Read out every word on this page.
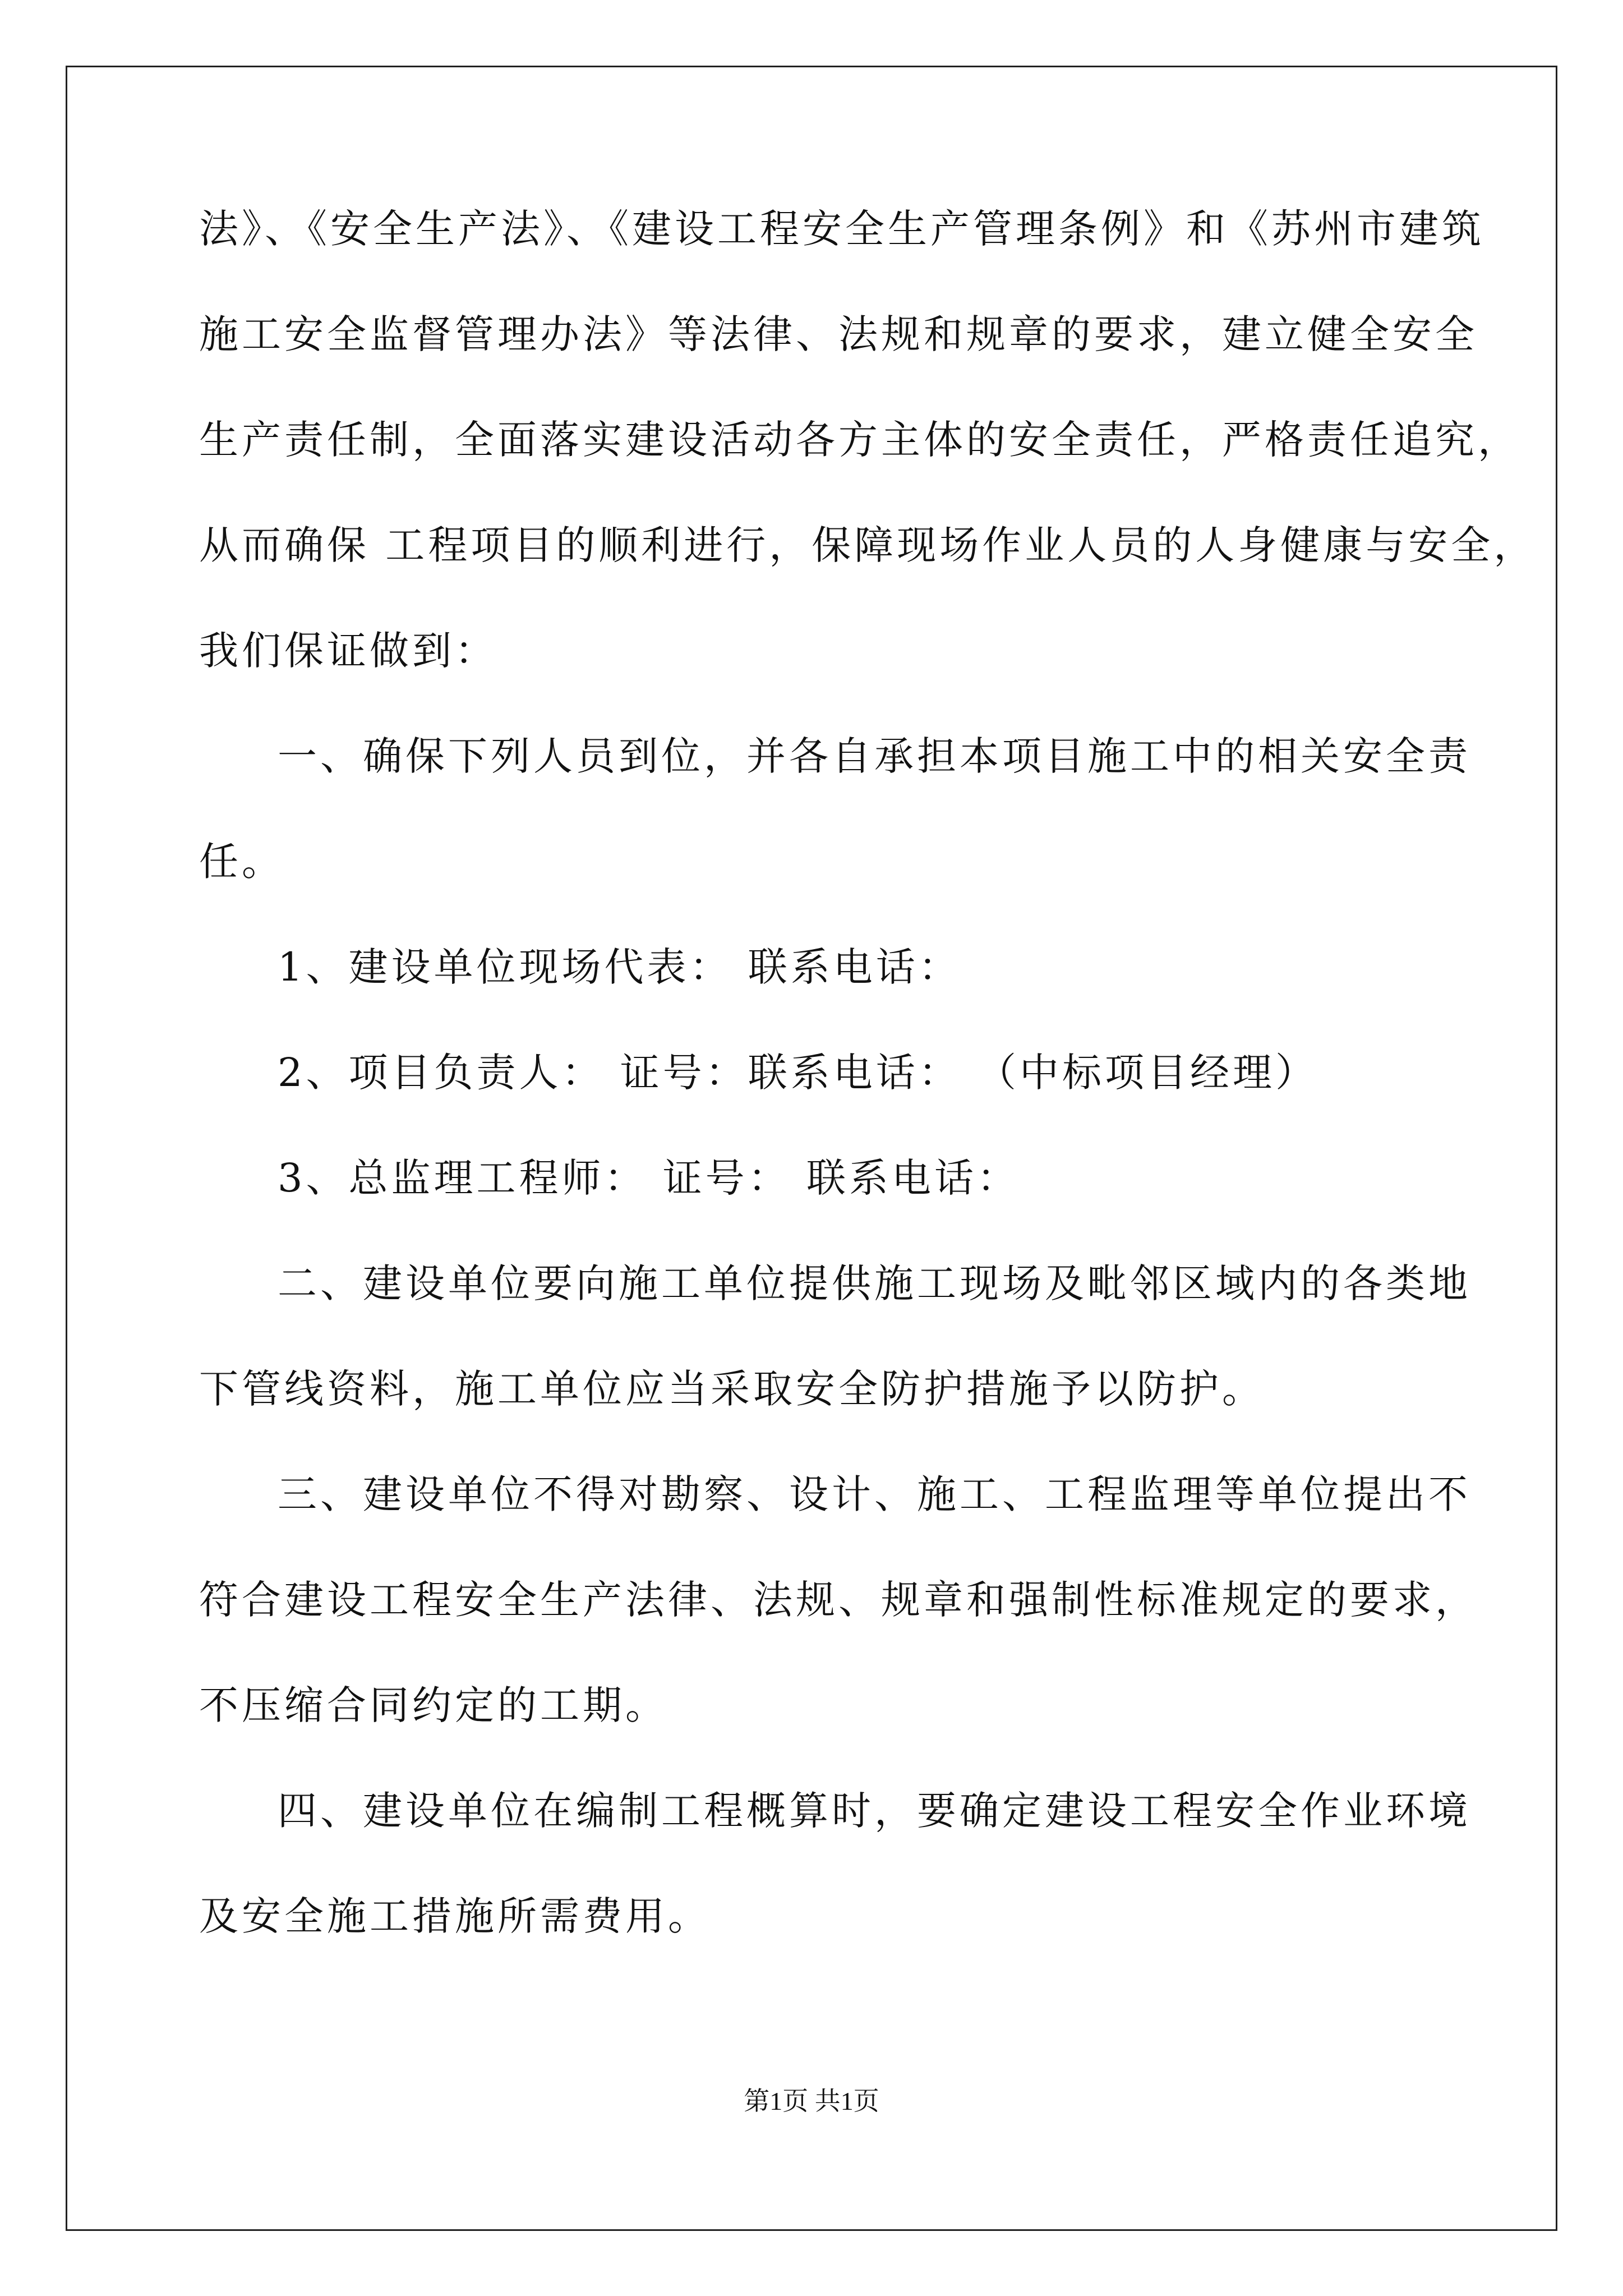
法》、《安全生产法》、《建设工程安全生产管理条例》和《苏州市建筑
施工安全监督管理办法》等法律、法规和规章的要求，建立健全安全
生产责任制，全面落实建设活动各方主体的安全责任，严格责任追究，
从而确保 工程项目的顺利进行，保障现场作业人员的人身健康与安全，
我们保证做到：
一、确保下列人员到位，并各自承担本项目施工中的相关安全责
任。
1、建设单位现场代表： 联系电话：
2、项目负责人： 证号：联系电话： （中标项目经理）
3、总监理工程师： 证号： 联系电话：
二、建设单位要向施工单位提供施工现场及毗邻区域内的各类地
下管线资料，施工单位应当采取安全防护措施予以防护。
三、建设单位不得对勘察、设计、施工、工程监理等单位提出不
符合建设工程安全生产法律、法规、规章和强制性标准规定的要求，
不压缩合同约定的工期。
四、建设单位在编制工程概算时，要确定建设工程安全作业环境
及安全施工措施所需费用。
第1页 共1页
